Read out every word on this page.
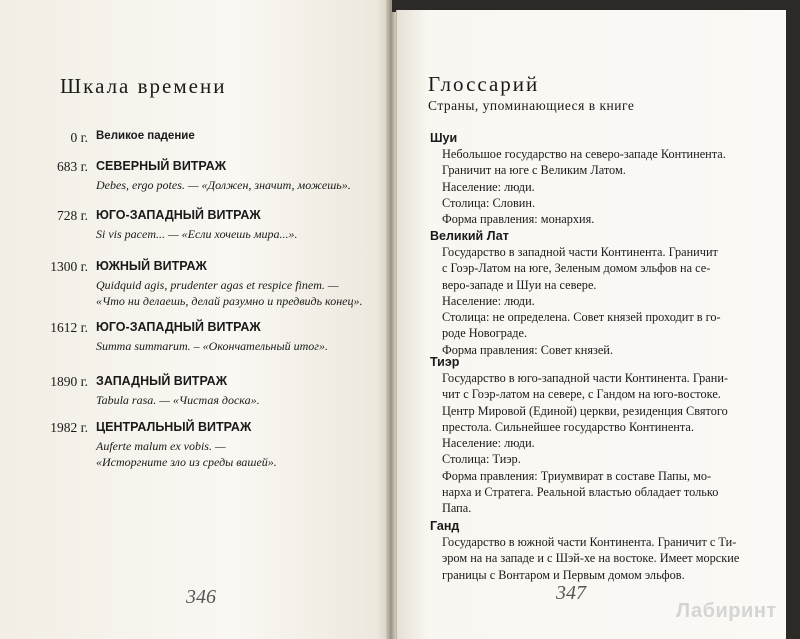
Шкала времени
0 г. Великое падение
683 г. СЕВЕРНЫЙ ВИТРАЖ
Debes, ergo potes. — «Должен, значит, можешь».
728 г. ЮГО-ЗАПАДНЫЙ ВИТРАЖ
Si vis pacem... — «Если хочешь мира...».
1300 г. ЮЖНЫЙ ВИТРАЖ
Quidquid agis, prudenter agas et respice finem. —
«Что ни делаешь, делай разумно и предвидь конец».
1612 г. ЮГО-ЗАПАДНЫЙ ВИТРАЖ
Summa summarum. – «Окончательный итог».
1890 г. ЗАПАДНЫЙ ВИТРАЖ
Tabula rasa. — «Чистая доска».
1982 г. ЦЕНТРАЛЬНЫЙ ВИТРАЖ
Auferte malum ex vobis. —
«Исторгните зло из среды вашей».
346
Глоссарий
Страны, упоминающиеся в книге
Шуи
Небольшое государство на северо-западе Континента.
Граничит на юге с Великим Латом.
Население: люди.
Столица: Словин.
Форма правления: монархия.
Великий Лат
Государство в западной части Континента. Граничит
с Гоэр-Латом на юге, Зеленым домом эльфов на се-
веро-западе и Шуи на севере.
Население: люди.
Столица: не определена. Совет князей проходит в го-
роде Новограде.
Форма правления: Совет князей.
Тиэр
Государство в юго-западной части Континента. Грани-
чит с Гоэр-латом на севере, с Гандом на юго-востоке.
Центр Мировой (Единой) церкви, резиденция Святого
престола. Сильнейшее государство Континента.
Население: люди.
Столица: Тиэр.
Форма правления: Триумвират в составе Папы, мо-
нарха и Стратега. Реальной властью обладает только
Папа.
Ганд
Государство в южной части Континента. Граничит с Ти-
эром на на западе и с Шэй-хе на востоке. Имеет морские
границы с Вонтаром и Первым домом эльфов.
347
Лабиринт
